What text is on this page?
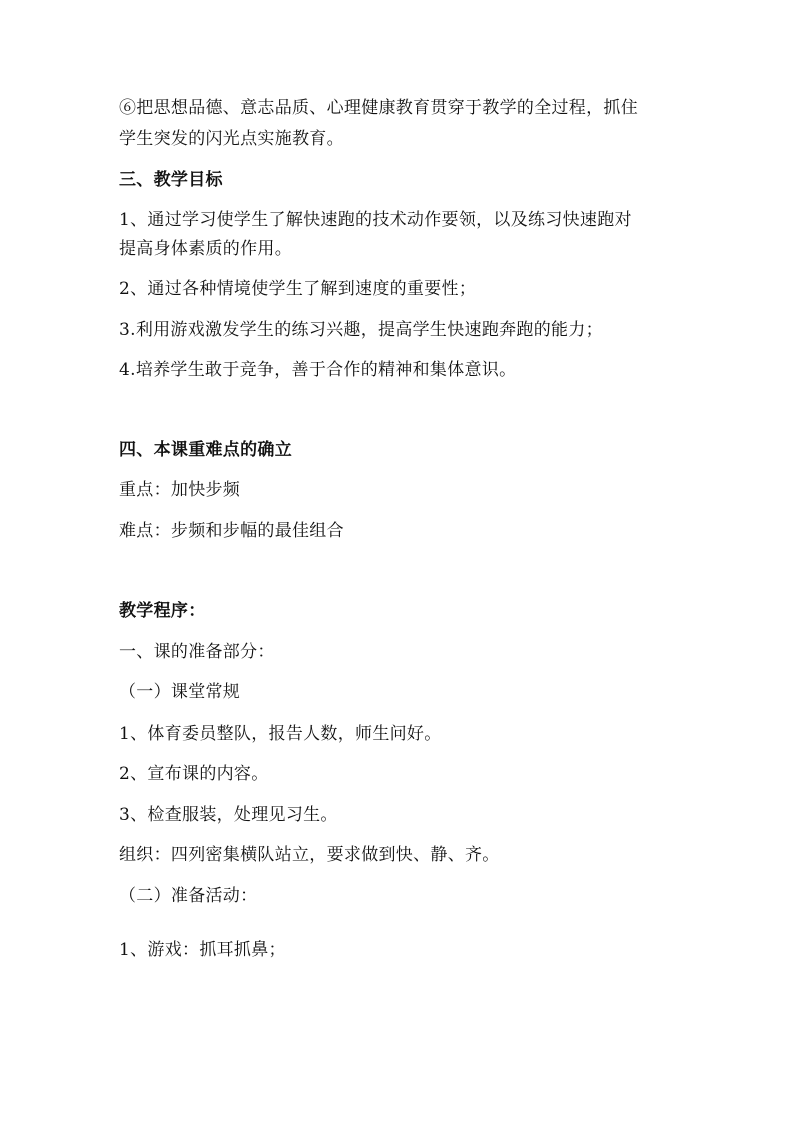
⑥把思想品德、意志品质、心理健康教育贯穿于教学的全过程，抓住
学生突发的闪光点实施教育。
三、教学目标
1、通过学习使学生了解快速跑的技术动作要领，以及练习快速跑对
提高身体素质的作用。
2、通过各种情境使学生了解到速度的重要性；
3.利用游戏激发学生的练习兴趣，提高学生快速跑奔跑的能力；
4.培养学生敢于竞争，善于合作的精神和集体意识。
四、本课重难点的确立
重点：加快步频
难点：步频和步幅的最佳组合
教学程序：
一、课的准备部分：
（一）课堂常规
1、体育委员整队，报告人数，师生问好。
2、宣布课的内容。
3、检查服装，处理见习生。
组织：四列密集横队站立，要求做到快、静、齐。
（二）准备活动：
1、游戏：抓耳抓鼻；
